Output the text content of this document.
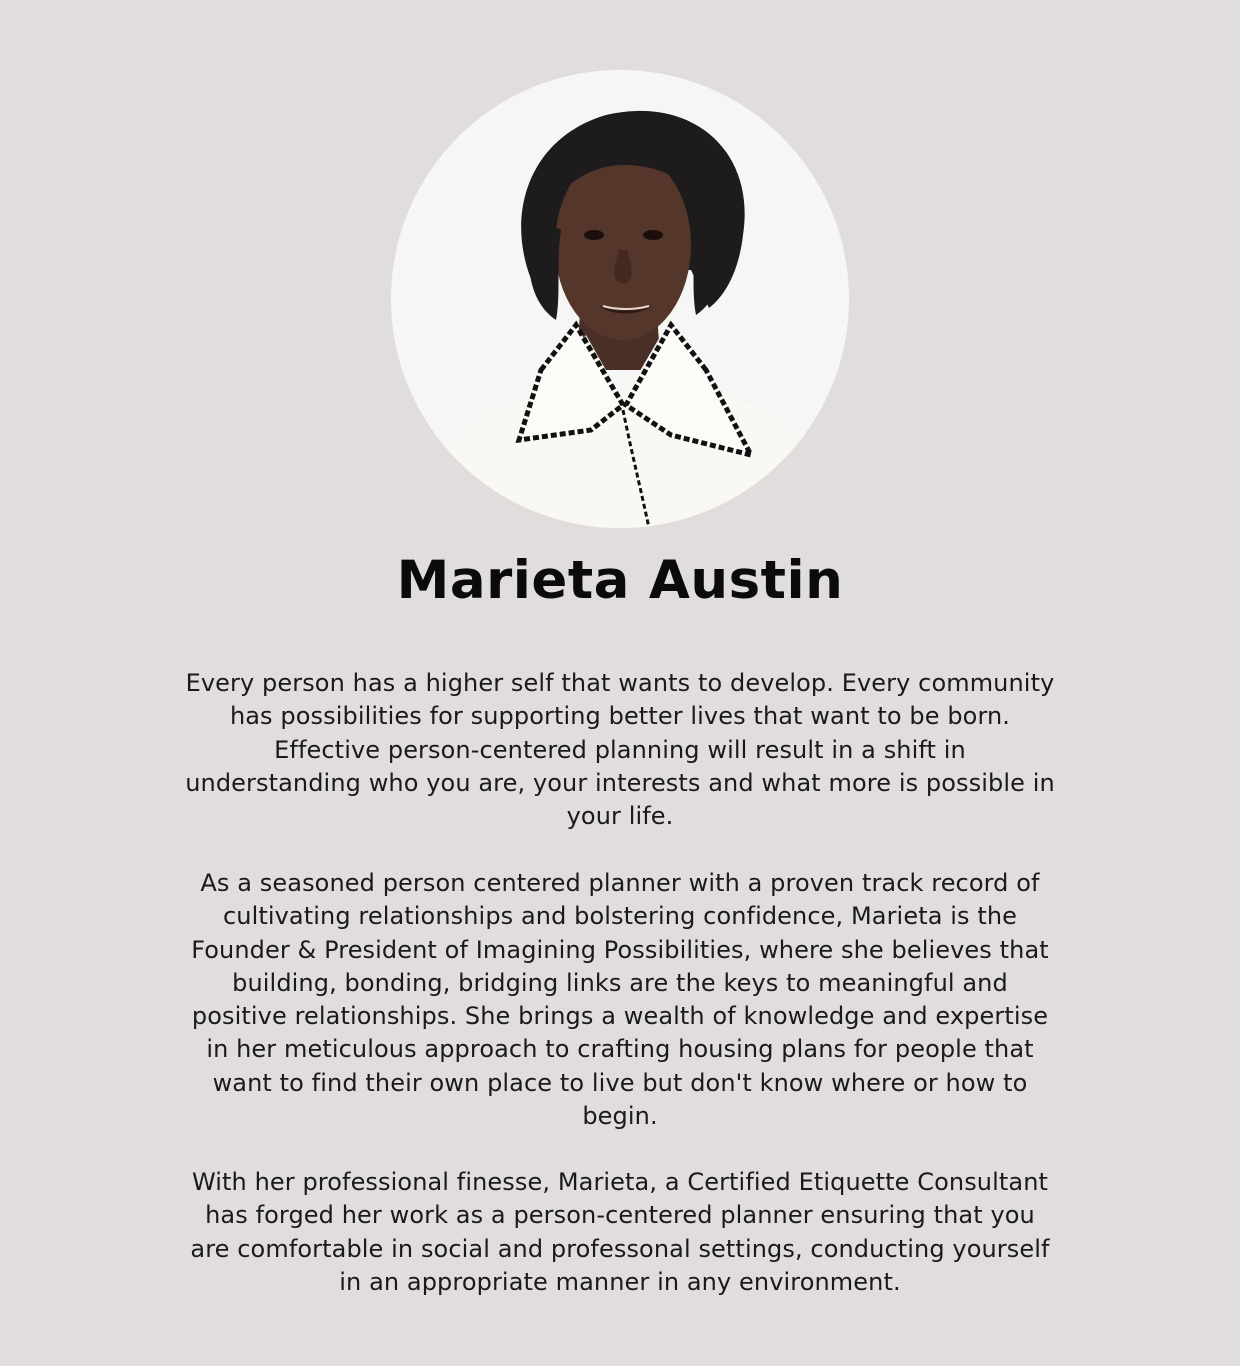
Marieta Austin

Every person has a higher self that wants to develop. Every community has possibilities for supporting better lives that want to be born. Effective person-centered planning will result in a shift in understanding who you are, your interests and what more is possible in your life.

As a seasoned person centered planner with a proven track record of cultivating relationships and bolstering confidence, Marieta is the Founder & President of Imagining Possibilities, where she believes that building, bonding, bridging links are the keys to meaningful and positive relationships. She brings a wealth of knowledge and expertise in her meticulous approach to crafting housing plans for people that want to find their own place to live but don't know where or how to begin.

With her professional finesse, Marieta, a Certified Etiquette Consultant has forged her work as a person-centered planner ensuring that you are comfortable in social and professonal settings, conducting yourself in an appropriate manner in any environment.
